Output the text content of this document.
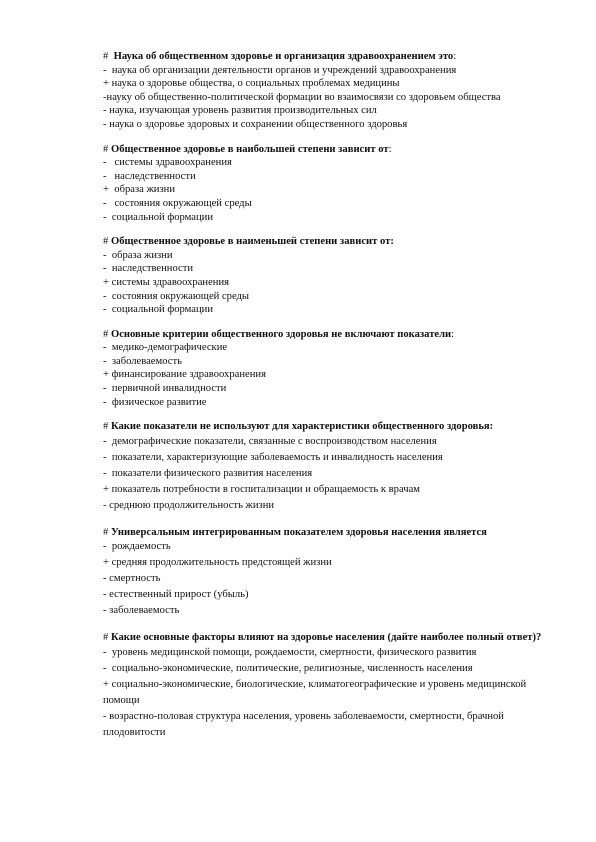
#  Наука об общественном здоровье и организация здравоохранением это:
-  наука об организации деятельности органов и учреждений здравоохранения
+ наука о здоровье общества, о социальных проблемах медицины
-науку об общественно-политической формации во взаимосвязи со здоровьем общества
- наука, изучающая уровень развития производительных сил
- наука о здоровье здоровых и сохранении общественного здоровья
# Общественное здоровье в наибольшей степени зависит от:
-   системы здравоохранения
-   наследственности
+  образа жизни
-   состояния окружающей среды
-  социальной формации
# Общественное здоровье в наименьшей степени зависит от:
-  образа жизни
-  наследственности
+ системы здравоохранения
-  состояния окружающей среды
-  социальной формации
# Основные критерии общественного здоровья не включают показатели:
-  медико-демографические
-  заболеваемость
+ финансирование здравоохранения
-  первичной инвалидности
-  физическое развитие
# Какие показатели не используют для характеристики общественного здоровья:
-  демографические показатели, связанные с воспроизводством населения
-  показатели, характеризующие заболеваемость и инвалидность населения
-  показатели физического развития населения
+ показатель потребности в госпитализации и обращаемость к врачам
- среднюю продолжительность жизни
# Универсальным интегрированным показателем здоровья населения является
-  рождаемость
+ средняя продолжительность предстоящей жизни
- смертность
- естественный прирост (убыль)
- заболеваемость
# Какие основные факторы влияют на здоровье населения (дайте наиболее полный ответ)?
-  уровень медицинской помощи, рождаемости, смертности, физического развития
-  социально-экономические, политические, религиозные, численность населения
+ социально-экономические, биологические, климатогеографические и уровень медицинской помощи
- возрастно-половая структура населения, уровень заболеваемости, смертности, брачной плодовитости
